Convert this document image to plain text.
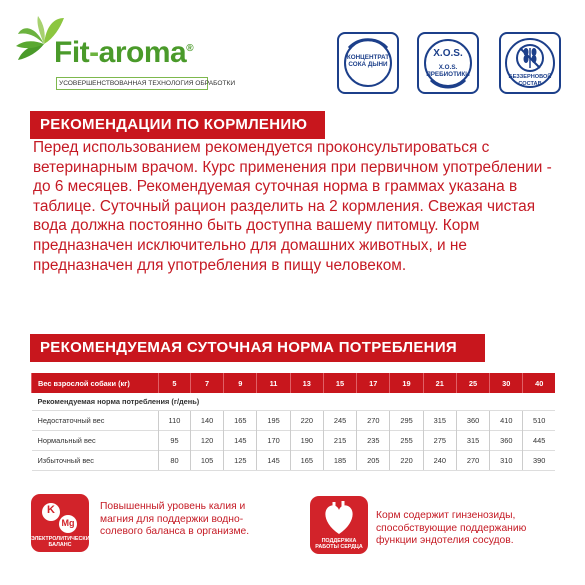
Fit-aroma®
УСОВЕРШЕНСТВОВАННАЯ ТЕХНОЛОГИЯ ОБРАБОТКИ
КОНЦЕНТРАТ
СОКА ДЫНИ
X.O.S.
X.O.S.
ПРЕБИОТИКИ	БЕЗЗЕРНОВОЙ
СОСТАВ
РЕКОМЕНДАЦИИ ПО КОРМЛЕНИЮ
Перед использованием рекомендуется проконсультироваться с ветеринарным врачом. Курс применения при первичном употреблении - до 6 месяцев. Рекомендуемая суточная норма в граммах указана в таблице. Суточный рацион разделить на 2 кормления. Свежая чистая вода должна постоянно быть доступна вашему питомцу. Корм предназначен исключительно для домашних животных, и не предназначен для употребления в пищу человеком.
РЕКОМЕНДУЕМАЯ СУТОЧНАЯ НОРМА ПОТРЕБЛЕНИЯ
Вес взрослой собаки (кг)	5	7	9	11	13	15	17	19	21	25	30	40
Рекомендуемая норма потребления (г/день)												
Недостаточный вес	110	140	165	195	220	245	270	295	315	360	410	510
Нормальный вес	95	120	145	170	190	215	235	255	275	315	360	445
Избыточный вес	80	105	125	145	165	185	205	220	240	270	310	390
K
Mg
ЭЛЕКТРОЛИТИЧЕСКИЙ БАЛАНС
Повышенный уровень калия и магния для поддержки водно-солевого баланса в организме.
ПОДДЕРЖКА РАБОТЫ СЕРДЦА
Корм содержит гинзенозиды, способствующие поддержанию функции эндотелия сосудов.
